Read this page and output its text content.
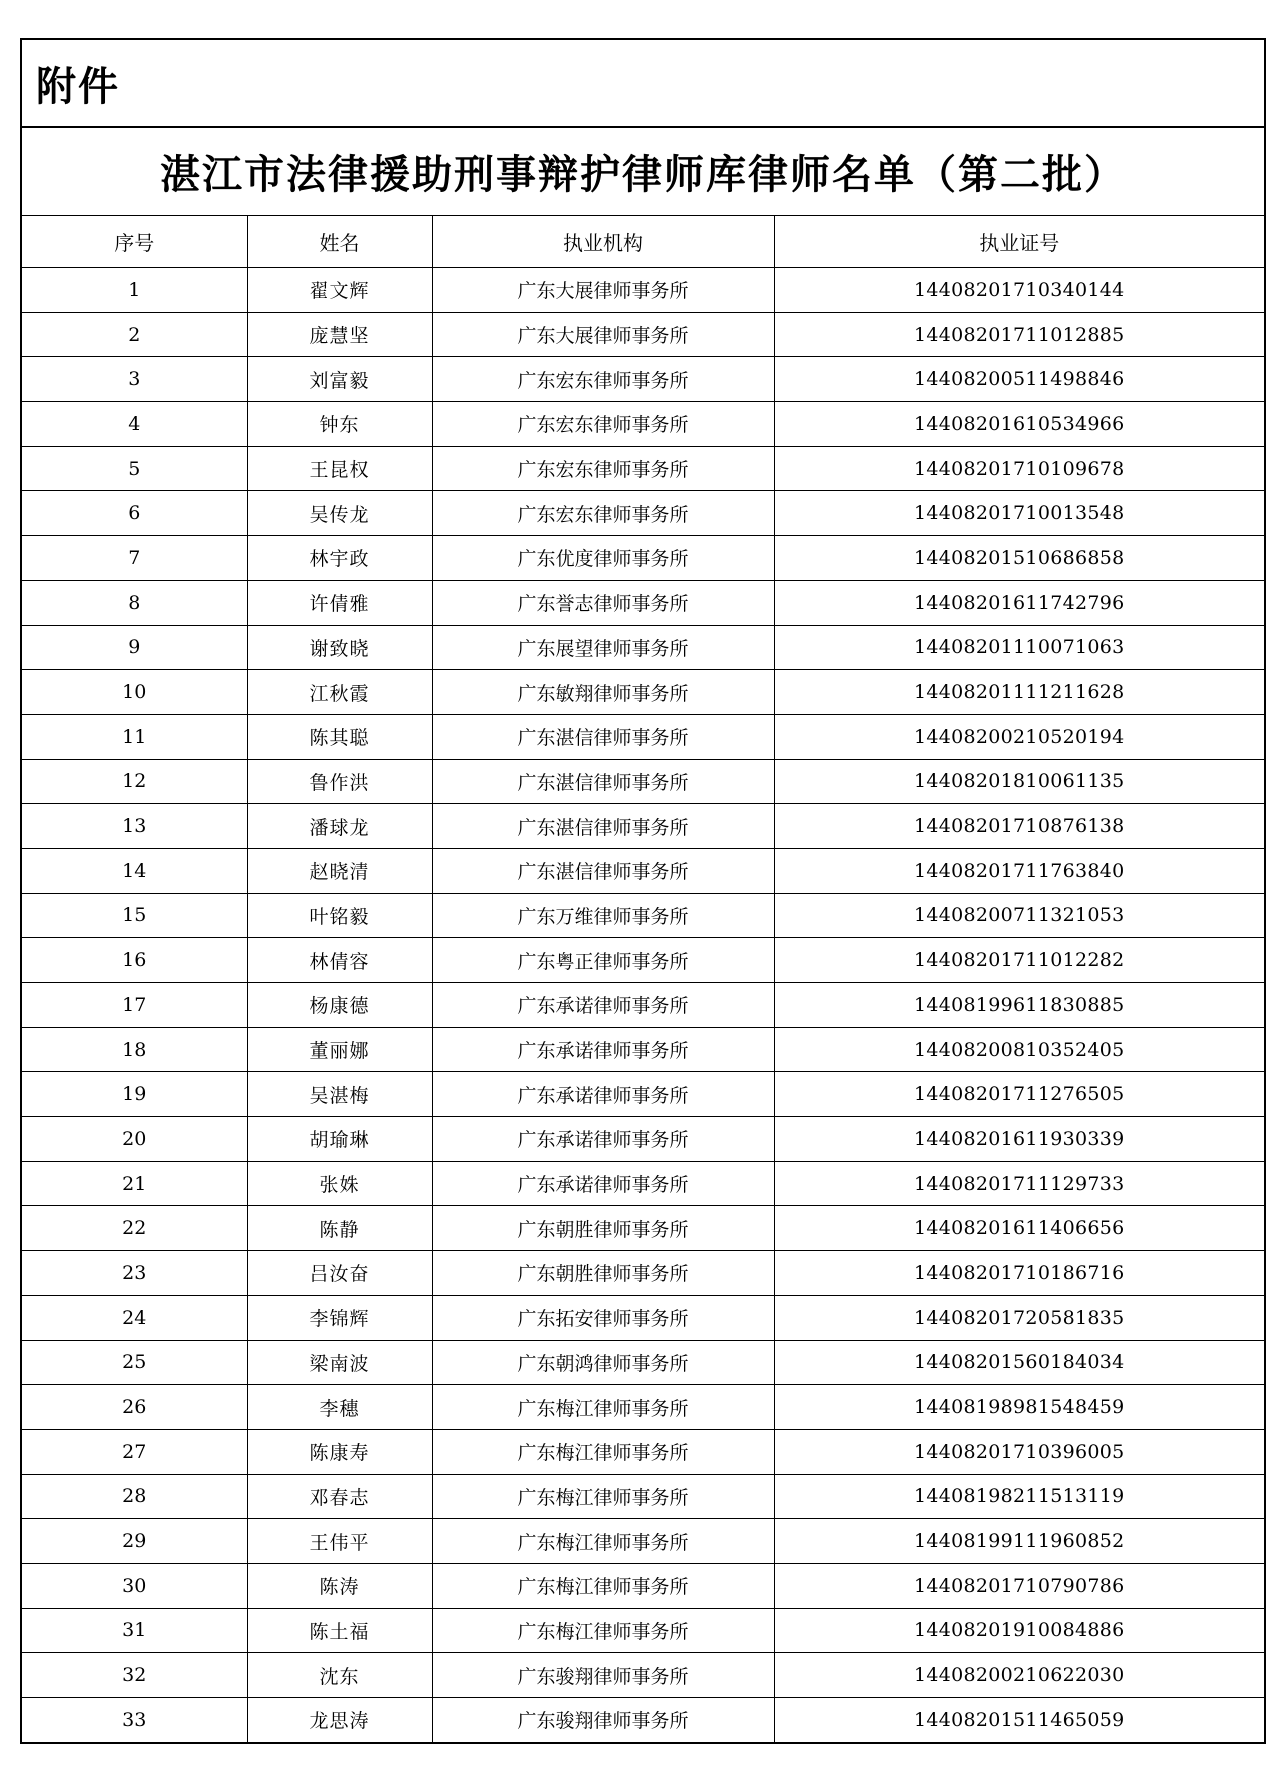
附件
湛江市法律援助刑事辩护律师库律师名单（第二批）
序号	姓名	执业机构	执业证号
1	翟文辉	广东大展律师事务所	14408201710340144
2	庞慧坚	广东大展律师事务所	14408201711012885
3	刘富毅	广东宏东律师事务所	14408200511498846
4	钟东	广东宏东律师事务所	14408201610534966
5	王昆权	广东宏东律师事务所	14408201710109678
6	吴传龙	广东宏东律师事务所	14408201710013548
7	林宇政	广东优度律师事务所	14408201510686858
8	许倩雅	广东誉志律师事务所	14408201611742796
9	谢致晓	广东展望律师事务所	14408201110071063
10	江秋霞	广东敏翔律师事务所	14408201111211628
11	陈其聪	广东湛信律师事务所	14408200210520194
12	鲁作洪	广东湛信律师事务所	14408201810061135
13	潘球龙	广东湛信律师事务所	14408201710876138
14	赵晓清	广东湛信律师事务所	14408201711763840
15	叶铭毅	广东万维律师事务所	14408200711321053
16	林倩容	广东粤正律师事务所	14408201711012282
17	杨康德	广东承诺律师事务所	14408199611830885
18	董丽娜	广东承诺律师事务所	14408200810352405
19	吴湛梅	广东承诺律师事务所	14408201711276505
20	胡瑜琳	广东承诺律师事务所	14408201611930339
21	张姝	广东承诺律师事务所	14408201711129733
22	陈静	广东朝胜律师事务所	14408201611406656
23	吕汝奋	广东朝胜律师事务所	14408201710186716
24	李锦辉	广东拓安律师事务所	14408201720581835
25	梁南波	广东朝鸿律师事务所	14408201560184034
26	李穗	广东梅江律师事务所	14408198981548459
27	陈康寿	广东梅江律师事务所	14408201710396005
28	邓春志	广东梅江律师事务所	14408198211513119
29	王伟平	广东梅江律师事务所	14408199111960852
30	陈涛	广东梅江律师事务所	14408201710790786
31	陈土福	广东梅江律师事务所	14408201910084886
32	沈东	广东骏翔律师事务所	14408200210622030
33	龙思涛	广东骏翔律师事务所	14408201511465059
